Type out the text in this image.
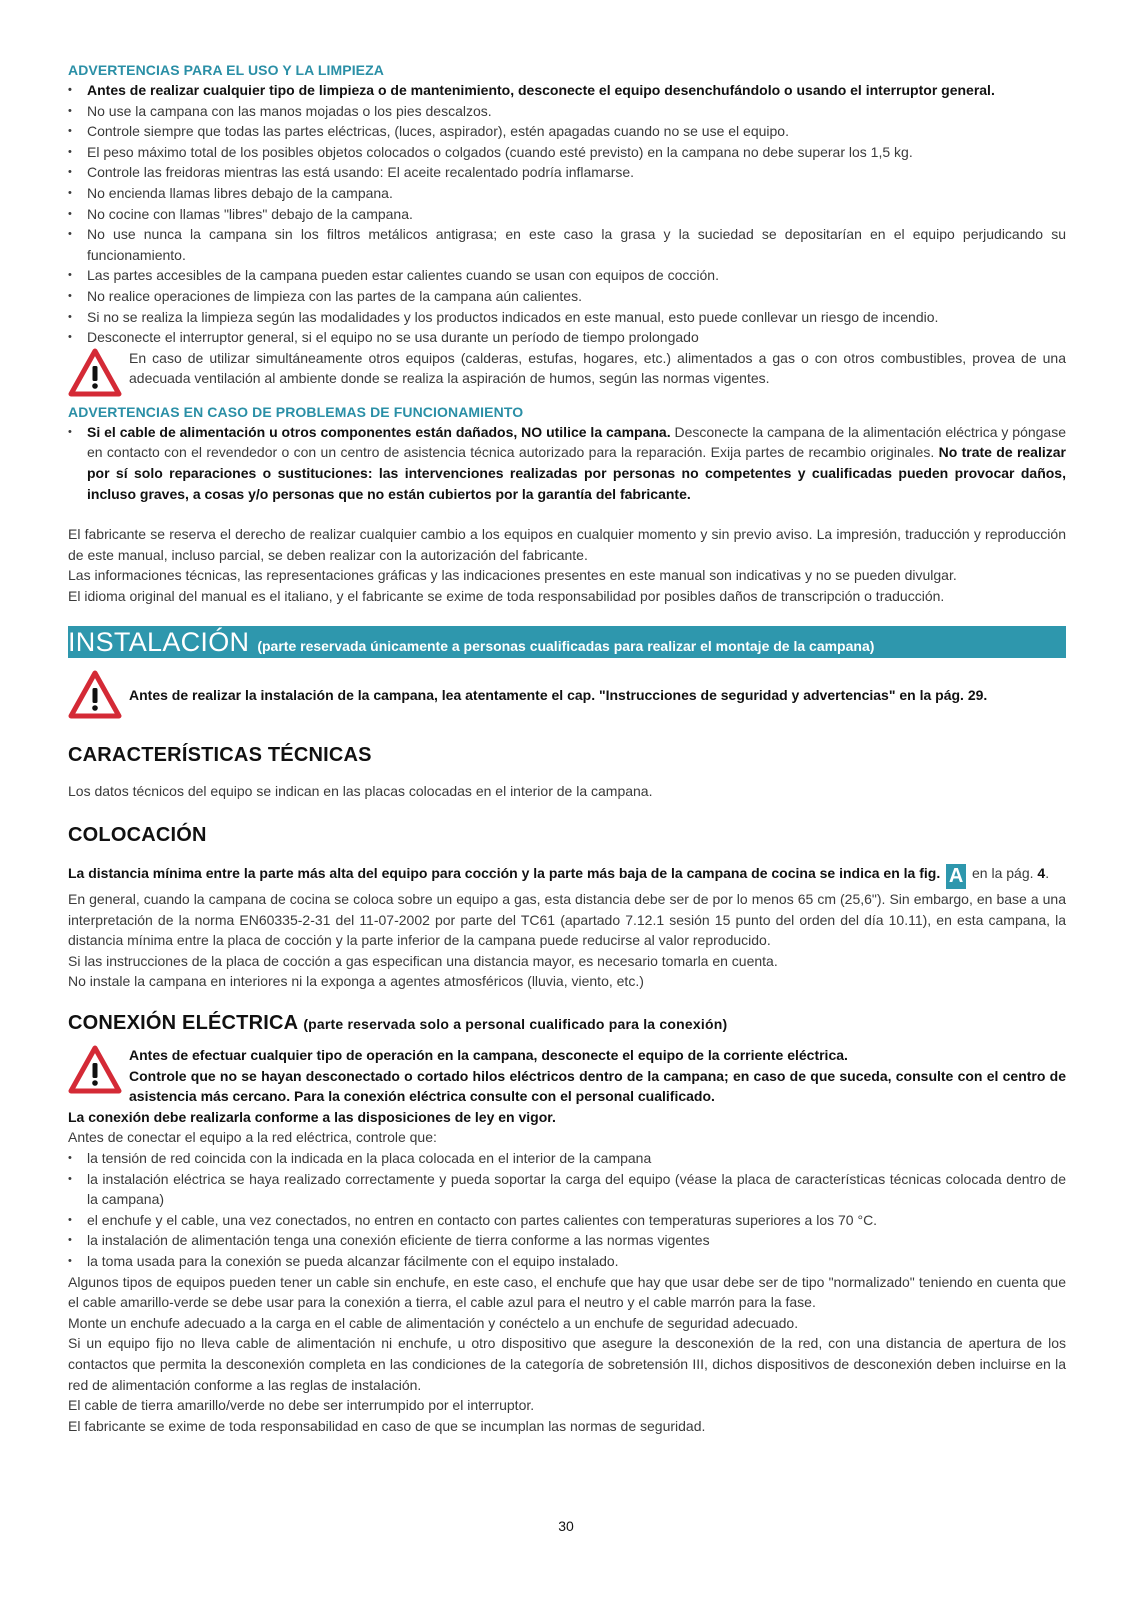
ADVERTENCIAS PARA EL USO Y LA LIMPIEZA
• Antes de realizar cualquier tipo de limpieza o de mantenimiento, desconecte el equipo desenchufándolo o usando el interruptor general.
• No use la campana con las manos mojadas o los pies descalzos.
• Controle siempre que todas las partes eléctricas, (luces, aspirador), estén apagadas cuando no se use el equipo.
• El peso máximo total de los posibles objetos colocados o colgados (cuando esté previsto) en la campana no debe superar los 1,5 kg.
• Controle las freidoras mientras las está usando: El aceite recalentado podría inflamarse.
• No encienda llamas libres debajo de la campana.
• No cocine con llamas "libres" debajo de la campana.
• No use nunca la campana sin los filtros metálicos antigrasa; en este caso la grasa y la suciedad se depositarían en el equipo perjudicando su funcionamiento.
• Las partes accesibles de la campana pueden estar calientes cuando se usan con equipos de cocción.
• No realice operaciones de limpieza con las partes de la campana aún calientes.
• Si no se realiza la limpieza según las modalidades y los productos indicados en este manual, esto puede conllevar un riesgo de incendio.
• Desconecte el interruptor general, si el equipo no se usa durante un período de tiempo prolongado
En caso de utilizar simultáneamente otros equipos (calderas, estufas, hogares, etc.) alimentados a gas o con otros combustibles, provea de una adecuada ventilación al ambiente donde se realiza la aspiración de humos, según las normas vigentes.
ADVERTENCIAS EN CASO DE PROBLEMAS DE FUNCIONAMIENTO
• Si el cable de alimentación u otros componentes están dañados, NO utilice la campana. Desconecte la campana de la alimentación eléctrica y póngase en contacto con el revendedor o con un centro de asistencia técnica autorizado para la reparación. Exija partes de recambio originales. No trate de realizar por sí solo reparaciones o sustituciones: las intervenciones realizadas por personas no competentes y cualificadas pueden provocar daños, incluso graves, a cosas y/o personas que no están cubiertos por la garantía del fabricante.

El fabricante se reserva el derecho de realizar cualquier cambio a los equipos en cualquier momento y sin previo aviso. La impresión, traducción y reproducción de este manual, incluso parcial, se deben realizar con la autorización del fabricante.

Las informaciones técnicas, las representaciones gráficas y las indicaciones presentes en este manual son indicativas y no se pueden divulgar.

El idioma original del manual es el italiano, y el fabricante se exime de toda responsabilidad por posibles daños de transcripción o traducción.

INSTALACIÓN (parte reservada únicamente a personas cualificadas para realizar el montaje de la campana)
Antes de realizar la instalación de la campana, lea atentamente el cap. "Instrucciones de seguridad y advertencias" en la pág. 29.
CARACTERÍSTICAS TÉCNICAS

Los datos técnicos del equipo se indican en las placas colocadas en el interior de la campana.

COLOCACIÓN

La distancia mínima entre la parte más alta del equipo para cocción y la parte más baja de la campana de cocina se indica en la fig. A en la pág. 4.

En general, cuando la campana de cocina se coloca sobre un equipo a gas, esta distancia debe ser de por lo menos 65 cm (25,6"). Sin embargo, en base a una interpretación de la norma EN60335-2-31 del 11-07-2002 por parte del TC61 (apartado 7.12.1 sesión 15 punto del orden del día 10.11), en esta campana, la distancia mínima entre la placa de cocción y la parte inferior de la campana puede reducirse al valor reproducido.

Si las instrucciones de la placa de cocción a gas especifican una distancia mayor, es necesario tomarla en cuenta.

No instale la campana en interiores ni la exponga a agentes atmosféricos (lluvia, viento, etc.)

CONEXIÓN ELÉCTRICA (parte reservada solo a personal cualificado para la conexión)
Antes de efectuar cualquier tipo de operación en la campana, desconecte el equipo de la corriente eléctrica.
Controle que no se hayan desconectado o cortado hilos eléctricos dentro de la campana; en caso de que suceda, consulte con el centro de asistencia más cercano. Para la conexión eléctrica consulte con el personal cualificado.

La conexión debe realizarla conforme a las disposiciones de ley en vigor.

Antes de conectar el equipo a la red eléctrica, controle que:

• la tensión de red coincida con la indicada en la placa colocada en el interior de la campana
• la instalación eléctrica se haya realizado correctamente y pueda soportar la carga del equipo (véase la placa de características técnicas colocada dentro de la campana)
• el enchufe y el cable, una vez conectados, no entren en contacto con partes calientes con temperaturas superiores a los 70 °C.
• la instalación de alimentación tenga una conexión eficiente de tierra conforme a las normas vigentes
• la toma usada para la conexión se pueda alcanzar fácilmente con el equipo instalado.

Algunos tipos de equipos pueden tener un cable sin enchufe, en este caso, el enchufe que hay que usar debe ser de tipo "normalizado" teniendo en cuenta que el cable amarillo-verde se debe usar para la conexión a tierra, el cable azul para el neutro y el cable marrón para la fase.

Monte un enchufe adecuado a la carga en el cable de alimentación y conéctelo a un enchufe de seguridad adecuado.

Si un equipo fijo no lleva cable de alimentación ni enchufe, u otro dispositivo que asegure la desconexión de la red, con una distancia de apertura de los contactos que permita la desconexión completa en las condiciones de la categoría de sobretensión III, dichos dispositivos de desconexión deben incluirse en la red de alimentación conforme a las reglas de instalación.

El cable de tierra amarillo/verde no debe ser interrumpido por el interruptor.

El fabricante se exime de toda responsabilidad en caso de que se incumplan las normas de seguridad.

30
